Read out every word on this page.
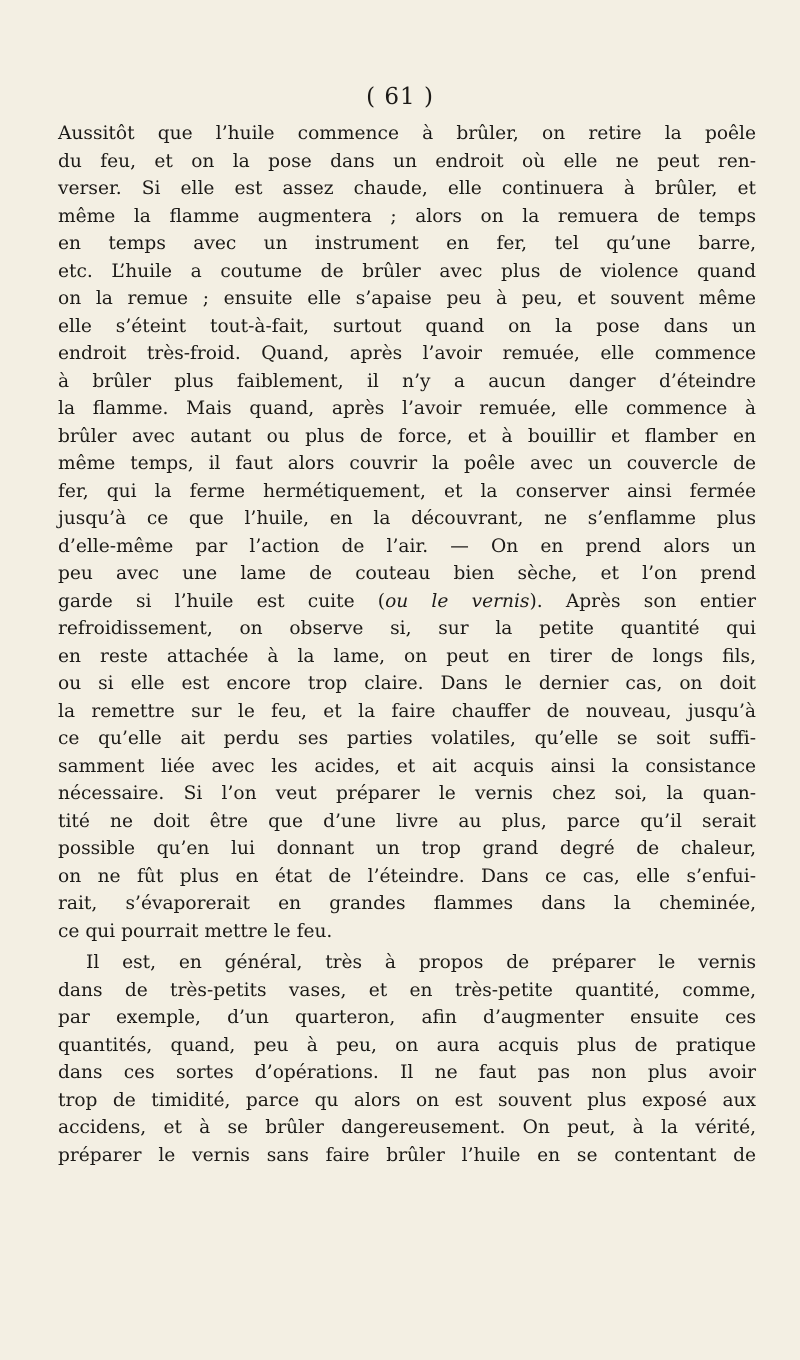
( 61 )
Aussitôt que l’huile commence à brûler, on retire la poêle
du feu, et on la pose dans un endroit où elle ne peut ren-
verser. Si elle est assez chaude, elle continuera à brûler, et
même la flamme augmentera ; alors on la remuera de temps
en temps avec un instrument en fer, tel qu’une barre,
etc. L’huile a coutume de brûler avec plus de violence quand
on la remue ; ensuite elle s’apaise peu à peu, et souvent même
elle s’éteint tout-à-fait, surtout quand on la pose dans un
endroit très-froid. Quand, après l’avoir remuée, elle commence
à brûler plus faiblement, il n’y a aucun danger d’éteindre
la flamme. Mais quand, après l’avoir remuée, elle commence à
brûler avec autant ou plus de force, et à bouillir et flamber en
même temps, il faut alors couvrir la poêle avec un couvercle de
fer, qui la ferme hermétiquement, et la conserver ainsi fermée
jusqu’à ce que l’huile, en la découvrant, ne s’enflamme plus
d’elle-même par l’action de l’air. — On en prend alors un
peu avec une lame de couteau bien sèche, et l’on prend
garde si l’huile est cuite (ou le vernis). Après son entier
refroidissement, on observe si, sur la petite quantité qui
en reste attachée à la lame, on peut en tirer de longs fils,
ou si elle est encore trop claire. Dans le dernier cas, on doit
la remettre sur le feu, et la faire chauffer de nouveau, jusqu’à
ce qu’elle ait perdu ses parties volatiles, qu’elle se soit suffi-
samment liée avec les acides, et ait acquis ainsi la consistance
nécessaire. Si l’on veut préparer le vernis chez soi, la quan-
tité ne doit être que d’une livre au plus, parce qu’il serait
possible qu’en lui donnant un trop grand degré de chaleur,
on ne fût plus en état de l’éteindre. Dans ce cas, elle s’enfui-
rait, s’évaporerait en grandes flammes dans la cheminée,
ce qui pourrait mettre le feu.
Il est, en général, très à propos de préparer le vernis
dans de très-petits vases, et en très-petite quantité, comme,
par exemple, d’un quarteron, afin d’augmenter ensuite ces
quantités, quand, peu à peu, on aura acquis plus de pratique
dans ces sortes d’opérations. Il ne faut pas non plus avoir
trop de timidité, parce qu alors on est souvent plus exposé aux
accidens, et à se brûler dangereusement. On peut, à la vérité,
préparer le vernis sans faire brûler l’huile en se contentant de
